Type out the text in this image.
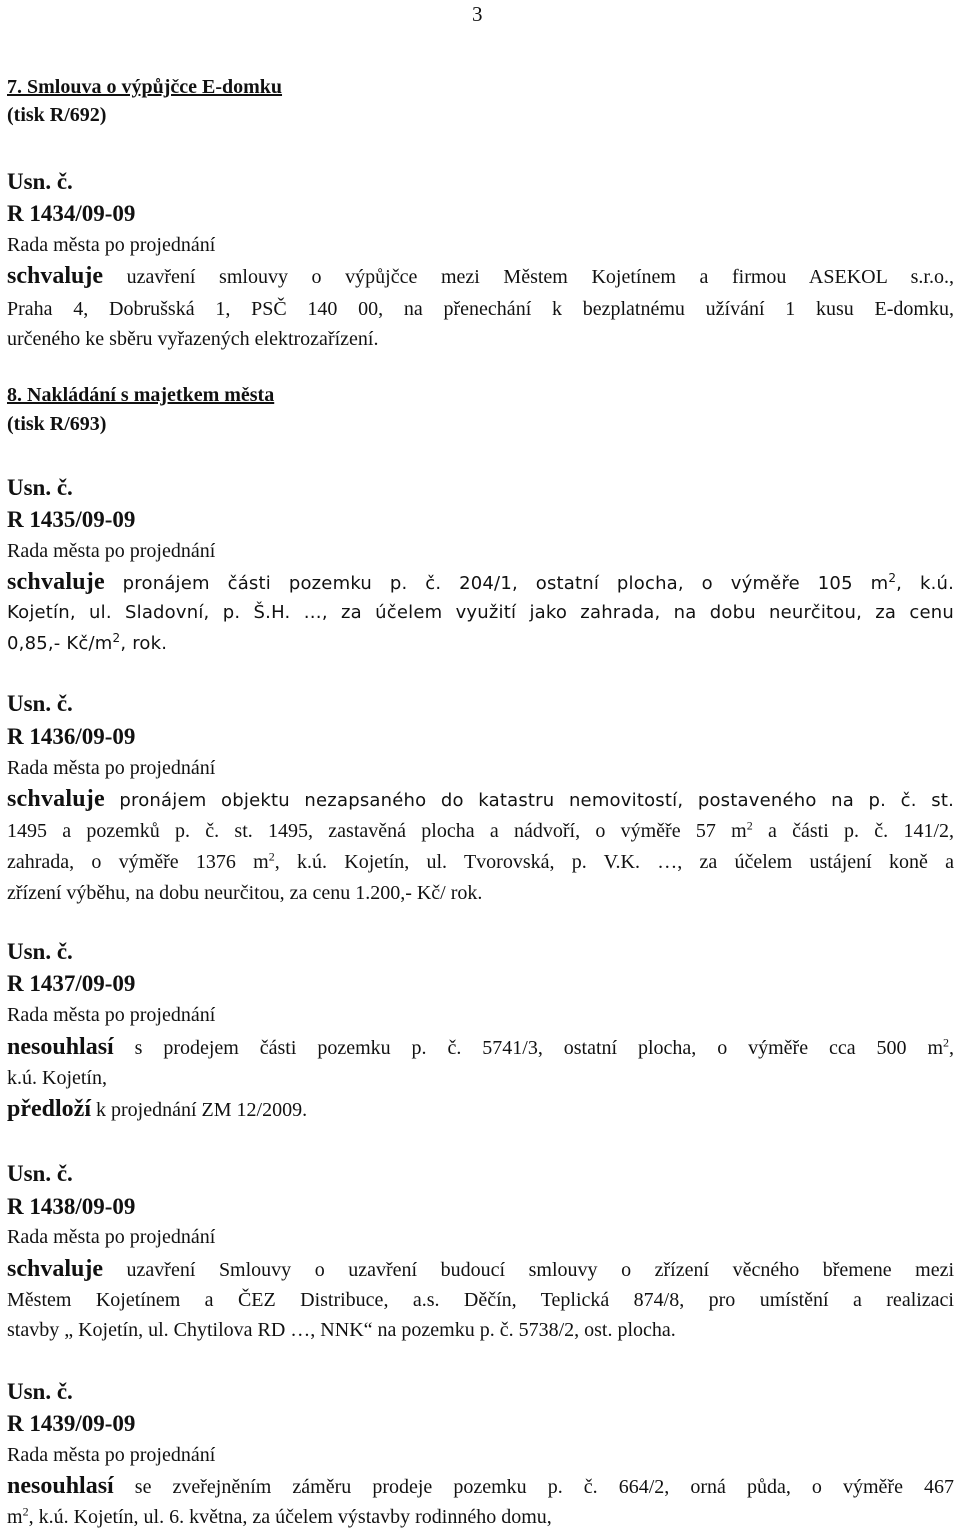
3
7. Smlouva o výpůjčce E-domku
(tisk R/692)
Usn. č.
R 1434/09-09
Rada města po projednání
schvaluje uzavření smlouvy o výpůjčce mezi Městem Kojetínem a firmou ASEKOL s.r.o.,
Praha 4, Dobrušská 1, PSČ 140 00, na přenechání k bezplatnému užívání 1 kusu E-domku,
určeného ke sběru vyřazených elektrozařízení.
8. Nakládání s majetkem města
(tisk R/693)
Usn. č.
R 1435/09-09
Rada města po projednání
schvaluje pronájem části pozemku p. č. 204/1, ostatní plocha, o výměře 105 $m^2$, k.ú.
Kojetín, ul. Sladovní, p. Š.H. …, za účelem využití jako zahrada, na dobu neurčitou, za cenu
0,85,- $Kč/m^2$, rok.
Usn. č.
R 1436/09-09
Rada města po projednání
schvaluje pronájem objektu nezapsaného do katastru nemovitostí, postaveného na p. č. st.
1495 a pozemků p. č. st. 1495, zastavěná plocha a nádvoří, o výměře 57 $m^2$ a části p. č. 141/2,
zahrada, o výměře 1376 $m^2$, k.ú. Kojetín, ul. Tvorovská, p. V.K. …, za účelem ustájení koně a
zřízení výběhu, na dobu neurčitou, za cenu 1.200,- Kč/ rok.
Usn. č.
R 1437/09-09
Rada města po projednání
nesouhlasí s prodejem části pozemku p. č. 5741/3, ostatní plocha, o výměře cca 500 $m^2$,
k.ú. Kojetín,
předloží k projednání ZM 12/2009.
Usn. č.
R 1438/09-09
Rada města po projednání
schvaluje uzavření Smlouvy o uzavření budoucí smlouvy o zřízení věcného břemene mezi
Městem Kojetínem a ČEZ Distribuce, a.s. Děčín, Teplická 874/8, pro umístění a realizaci
stavby „ Kojetín, ul. Chytilova RD …, NNK“ na pozemku p. č. 5738/2, ost. plocha.
Usn. č.
R 1439/09-09
Rada města po projednání
nesouhlasí se zveřejněním záměru prodeje pozemku p. č. 664/2, orná půda, o výměře 467
$m^2$, k.ú. Kojetín, ul. 6. května, za účelem výstavby rodinného domu,
